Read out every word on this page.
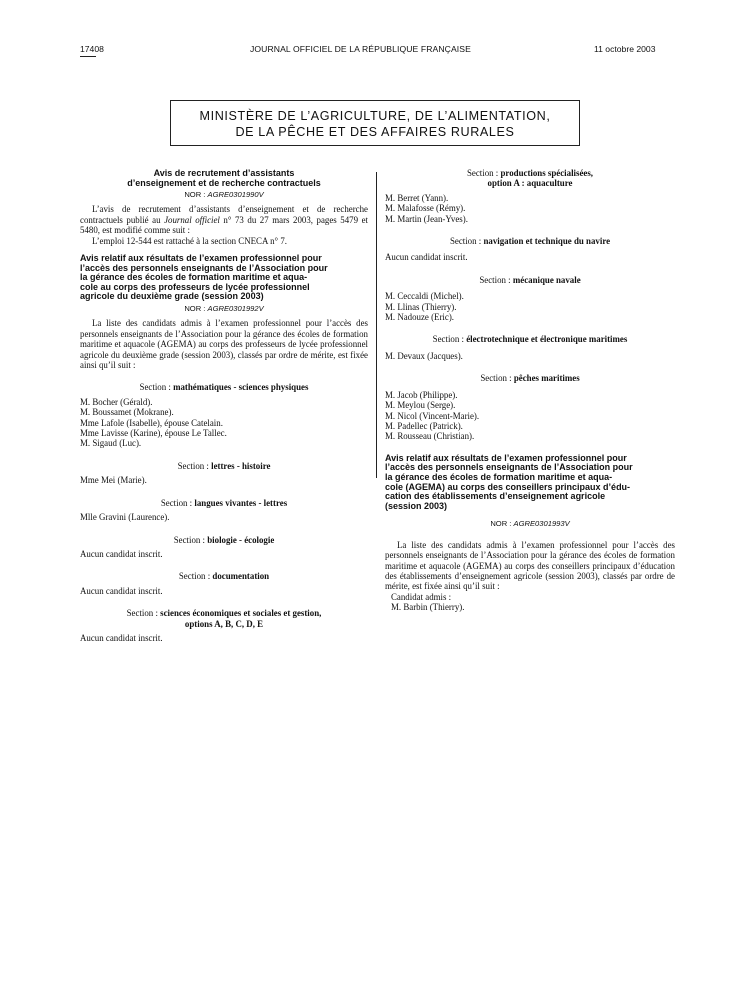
17408	JOURNAL OFFICIEL DE LA RÉPUBLIQUE FRANÇAISE	11 octobre 2003
MINISTÈRE DE L’AGRICULTURE, DE L’ALIMENTATION,
DE LA PÊCHE ET DES AFFAIRES RURALES

Avis de recrutement d’assistants

d’enseignement et de recherche contractuels

NOR : AGRE0301990V

L’avis de recrutement d’assistants d’enseignement et de recherche contractuels publié au Journal officiel n° 73 du 27 mars 2003, pages 5479 et 5480, est modifié comme suit :

L’emploi 12-544 est rattaché à la section CNECA n° 7.

Avis relatif aux résultats de l’examen professionnel pour

l’accès des personnels enseignants de l’Association pour

la gérance des écoles de formation maritime et aqua-

cole au corps des professeurs de lycée professionnel

agricole du deuxième grade (session 2003)

NOR : AGRE0301992V

La liste des candidats admis à l’examen professionnel pour l’accès des personnels enseignants de l’Association pour la gérance des écoles de formation maritime et aquacole (AGEMA) au corps des professeurs de lycée professionnel agricole du deuxième grade (session 2003), classés par ordre de mérite, est fixée ainsi qu’il suit :

Section : mathématiques - sciences physiques

M. Bocher (Gérald).

M. Boussamet (Mokrane).

Mme Lafole (Isabelle), épouse Catelain.

Mme Lavisse (Karine), épouse Le Tallec.

M. Sigaud (Luc).

Section : lettres - histoire

Mme Mei (Marie).

Section : langues vivantes - lettres

Mlle Gravini (Laurence).

Section : biologie - écologie

Aucun candidat inscrit.

Section : documentation

Aucun candidat inscrit.

Section : sciences économiques et sociales et gestion,

options A, B, C, D, E

Aucun candidat inscrit.

Section : productions spécialisées,

option A : aquaculture

M. Berret (Yann).

M. Malafosse (Rémy).

M. Martin (Jean-Yves).

Section : navigation et technique du navire

Aucun candidat inscrit.

Section : mécanique navale

M. Ceccaldi (Michel).

M. Llinas (Thierry).

M. Nadouze (Eric).

Section : électrotechnique et électronique maritimes

M. Devaux (Jacques).

Section : pêches maritimes

M. Jacob (Philippe).

M. Meylou (Serge).

M. Nicol (Vincent-Marie).

M. Padellec (Patrick).

M. Rousseau (Christian).

Avis relatif aux résultats de l’examen professionnel pour

l’accès des personnels enseignants de l’Association pour

la gérance des écoles de formation maritime et aqua-

cole (AGEMA) au corps des conseillers principaux d’édu-

cation des établissements d’enseignement agricole

(session 2003)

NOR : AGRE0301993V

La liste des candidats admis à l’examen professionnel pour l’accès des personnels enseignants de l’Association pour la gérance des écoles de formation maritime et aquacole (AGEMA) au corps des conseillers principaux d’éducation des établissements d’enseignement agricole (session 2003), classés par ordre de mérite, est fixée ainsi qu’il suit :

Candidat admis :

M. Barbin (Thierry).
